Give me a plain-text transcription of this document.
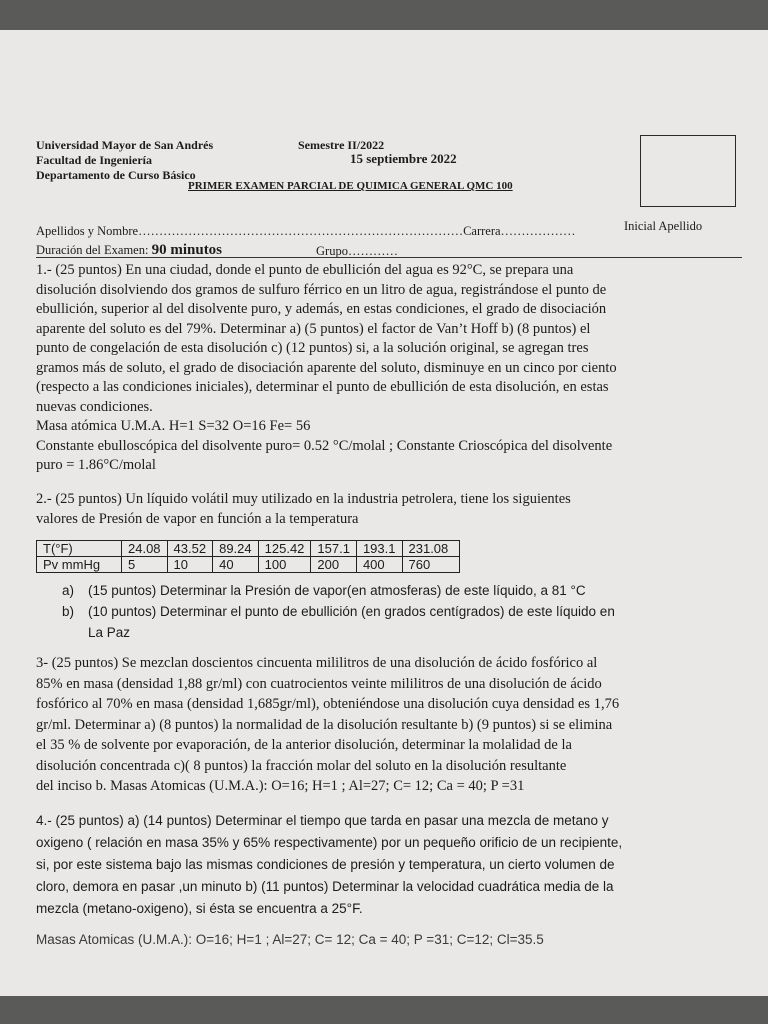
Universidad Mayor de San Andrés
Facultad de Ingeniería
Departamento de Curso Básico
Semestre II/2022
15 septiembre 2022
PRIMER EXAMEN PARCIAL DE QUIMICA GENERAL QMC 100
Apellidos y Nombre……………………………………………………………………Carrera………………	Inicial Apellido
Duración del Examen: 90 minutos	Grupo…………
1.- (25 puntos) En una ciudad, donde el punto de ebullición del agua es 92°C, se prepara una
disolución disolviendo dos gramos de sulfuro férrico en un litro de agua, registrándose el punto de
ebullición, superior al del disolvente puro, y además, en estas condiciones, el grado de disociación
aparente del soluto es del 79%. Determinar a) (5 puntos) el factor de Van’t Hoff b) (8 puntos) el
punto de congelación de esta disolución c) (12 puntos) si, a la solución original, se agregan tres
gramos más de soluto, el grado de disociación aparente del soluto, disminuye en un cinco por ciento
(respecto a las condiciones iniciales), determinar el punto de ebullición de esta disolución, en estas
nuevas condiciones.
Masa atómica U.M.A. H=1 S=32 O=16 Fe= 56
Constante ebulloscópica del disolvente puro= 0.52 °C/molal ; Constante Crioscópica del disolvente
puro = 1.86°C/molal
2.- (25 puntos) Un líquido volátil muy utilizado en la industria petrolera, tiene los siguientes
valores de Presión de vapor en función a la temperatura
T(°F)	24.08	43.52	89.24	125.42	157.1	193.1	231.08
Pv mmHg	5	10	40	100	200	400	760
a) (15 puntos) Determinar la Presión de vapor(en atmosferas) de este líquido, a 81 °C
b) (10 puntos) Determinar el punto de ebullición (en grados centígrados) de este líquido en
La Paz
3- (25 puntos) Se mezclan doscientos cincuenta mililitros de una disolución de ácido fosfórico al
85% en masa (densidad 1,88 gr/ml) con cuatrocientos veinte mililitros de una disolución de ácido
fosfórico al 70% en masa (densidad 1,685gr/ml), obteniéndose una disolución cuya densidad es 1,76
gr/ml. Determinar a) (8 puntos) la normalidad de la disolución resultante b) (9 puntos) si se elimina
el 35 % de solvente por evaporación, de la anterior disolución, determinar la molalidad de la
disolución concentrada c)( 8 puntos) la fracción molar del soluto en la disolución resultante
del inciso b. Masas Atomicas (U.M.A.): O=16; H=1 ; Al=27; C= 12; Ca = 40; P =31
4.- (25 puntos) a) (14 puntos) Determinar el tiempo que tarda en pasar una mezcla de metano y
oxigeno ( relación en masa 35% y 65% respectivamente) por un pequeño orificio de un recipiente,
si, por este sistema bajo las mismas condiciones de presión y temperatura, un cierto volumen de
cloro, demora en pasar ,un minuto b) (11 puntos) Determinar la velocidad cuadrática media de la
mezcla (metano-oxigeno), si ésta se encuentra a 25°F.
Masas Atomicas (U.M.A.): O=16; H=1 ; Al=27; C= 12; Ca = 40; P =31; C=12; Cl=35.5
